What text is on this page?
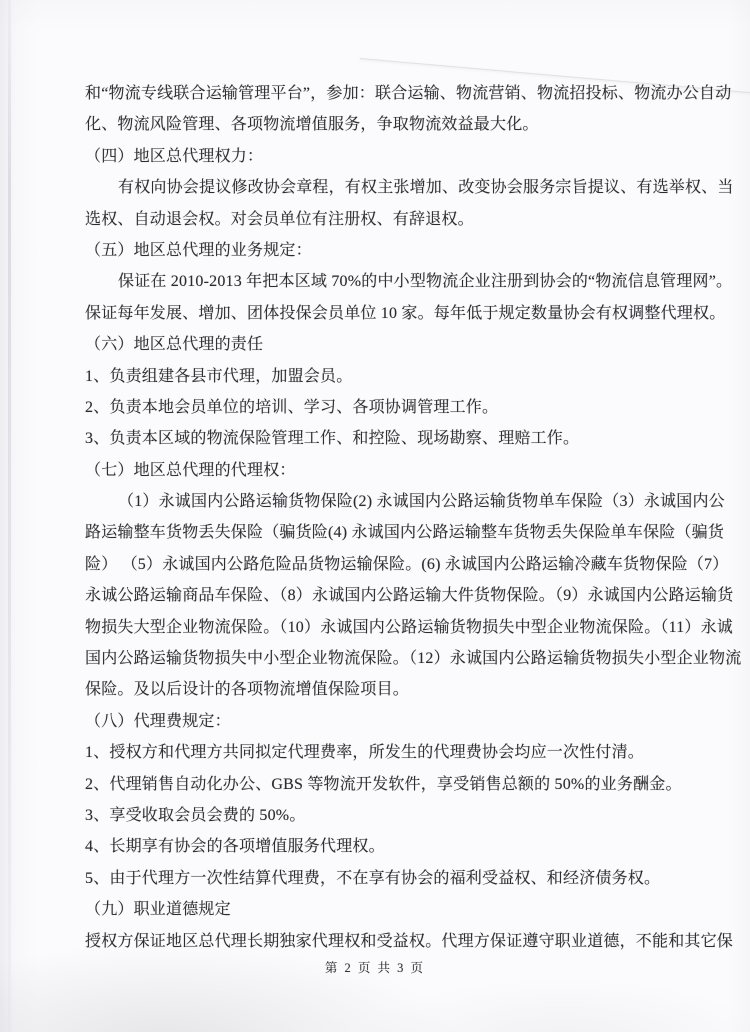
和“物流专线联合运输管理平台”，参加：联合运输、物流营销、物流招投标、物流办公自动
化、物流风险管理、各项物流增值服务，争取物流效益最大化。
（四）地区总代理权力：
有权向协会提议修改协会章程，有权主张增加、改变协会服务宗旨提议、有选举权、当
选权、自动退会权。对会员单位有注册权、有辞退权。
（五）地区总代理的业务规定：
保证在 2010-2013 年把本区域 70%的中小型物流企业注册到协会的“物流信息管理网”。
保证每年发展、增加、团体投保会员单位 10 家。每年低于规定数量协会有权调整代理权。
（六）地区总代理的责任
1、负责组建各县市代理，加盟会员。
2、负责本地会员单位的培训、学习、各项协调管理工作。
3、负责本区域的物流保险管理工作、和控险、现场勘察、理赔工作。
（七）地区总代理的代理权：
（1）永诚国内公路运输货物保险(2) 永诚国内公路运输货物单车保险（3）永诚国内公
路运输整车货物丢失保险（骗货险(4) 永诚国内公路运输整车货物丢失保险单车保险（骗货
险） （5）永诚国内公路危险品货物运输保险。(6) 永诚国内公路运输冷藏车货物保险（7）
永诚公路运输商品车保险、（8）永诚国内公路运输大件货物保险。（9）永诚国内公路运输货
物损失大型企业物流保险。（10）永诚国内公路运输货物损失中型企业物流保险。（11）永诚
国内公路运输货物损失中小型企业物流保险。（12）永诚国内公路运输货物损失小型企业物流
保险。及以后设计的各项物流增值保险项目。
（八）代理费规定：
1、授权方和代理方共同拟定代理费率，所发生的代理费协会均应一次性付清。
2、代理销售自动化办公、GBS 等物流开发软件，享受销售总额的 50%的业务酬金。
3、享受收取会员会费的 50%。
4、长期享有协会的各项增值服务代理权。
5、由于代理方一次性结算代理费，不在享有协会的福利受益权、和经济债务权。
（九）职业道德规定
授权方保证地区总代理长期独家代理权和受益权。代理方保证遵守职业道德，不能和其它保
第 2 页 共 3 页
